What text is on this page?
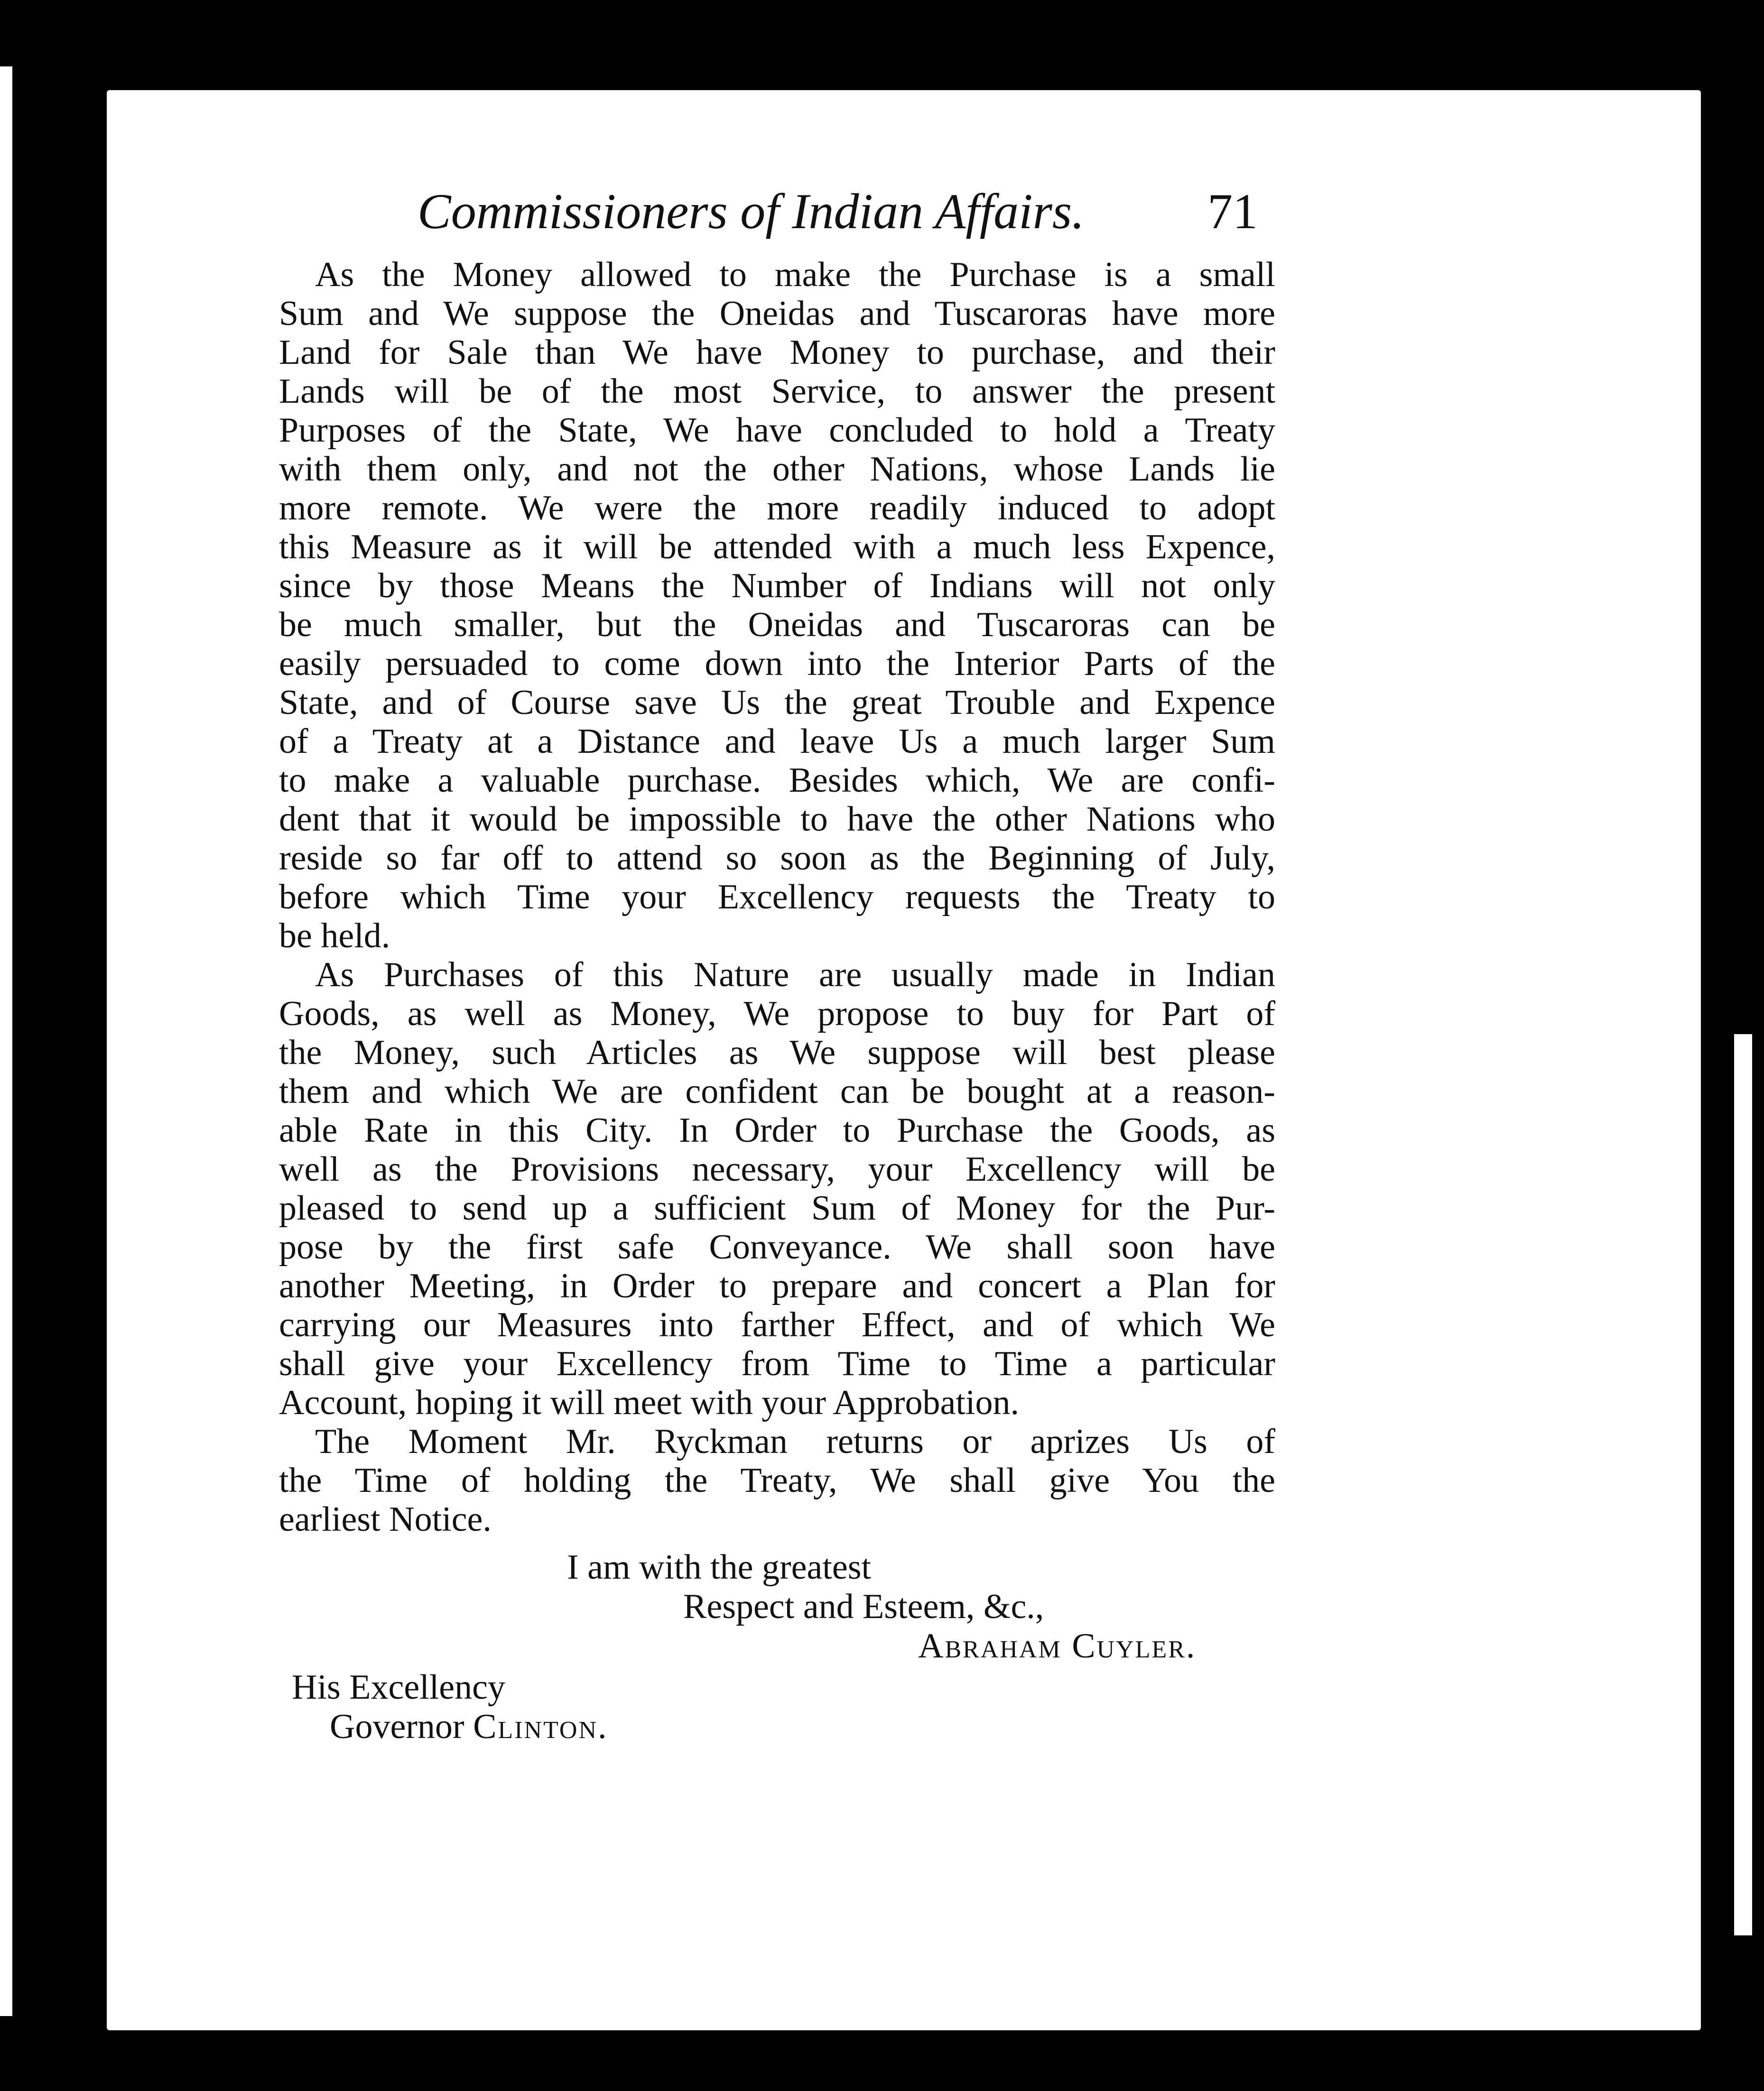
Commissioners of Indian Affairs. 71
As the Money allowed to make the Purchase is a small
Sum and We suppose the Oneidas and Tuscaroras have more
Land for Sale than We have Money to purchase, and their
Lands will be of the most Service, to answer the present
Purposes of the State, We have concluded to hold a Treaty
with them only, and not the other Nations, whose Lands lie
more remote. We were the more readily induced to adopt
this Measure as it will be attended with a much less Expence,
since by those Means the Number of Indians will not only
be much smaller, but the Oneidas and Tuscaroras can be
easily persuaded to come down into the Interior Parts of the
State, and of Course save Us the great Trouble and Expence
of a Treaty at a Distance and leave Us a much larger Sum
to make a valuable purchase. Besides which, We are confi-
dent that it would be impossible to have the other Nations who
reside so far off to attend so soon as the Beginning of July,
before which Time your Excellency requests the Treaty to
be held.
As Purchases of this Nature are usually made in Indian
Goods, as well as Money, We propose to buy for Part of
the Money, such Articles as We suppose will best please
them and which We are confident can be bought at a reason-
able Rate in this City. In Order to Purchase the Goods, as
well as the Provisions necessary, your Excellency will be
pleased to send up a sufficient Sum of Money for the Pur-
pose by the first safe Conveyance. We shall soon have
another Meeting, in Order to prepare and concert a Plan for
carrying our Measures into farther Effect, and of which We
shall give your Excellency from Time to Time a particular
Account, hoping it will meet with your Approbation.
The Moment Mr. Ryckman returns or aprizes Us of
the Time of holding the Treaty, We shall give You the
earliest Notice.
I am with the greatest
Respect and Esteem, &c.,
Abraham Cuyler.
His Excellency
Governor Clinton.
